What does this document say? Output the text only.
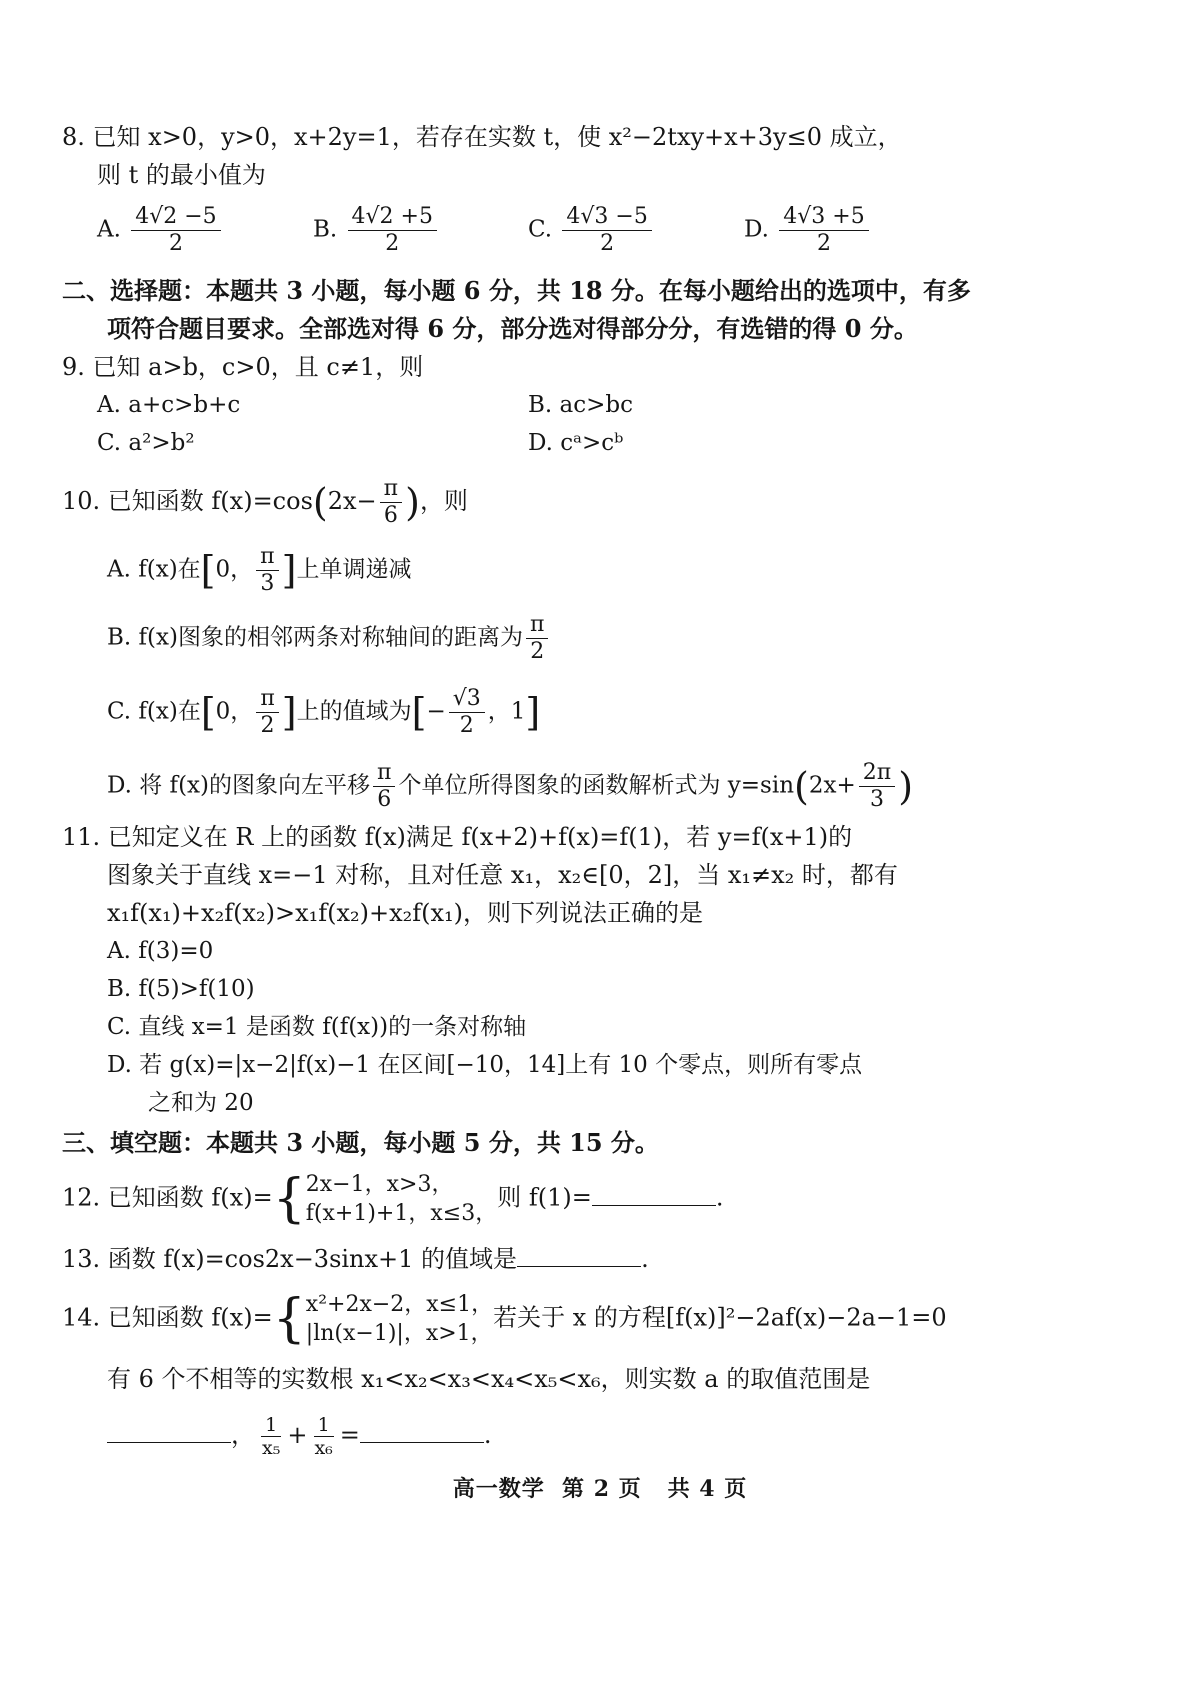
8. 已知 x>0，y>0，x+2y=1，若存在实数 t，使 x²−2txy+x+3y≤0 成立，
则 t 的最小值为
A. $\frac{4√2 -5}{2}$	B. $\frac{4√2 +5}{2}$	C. $\frac{4√3 -5}{2}$	D. $\frac{4√3 +5}{2}$
二、选择题：本题共 3 小题，每小题 6 分，共 18 分。在每小题给出的选项中，有多
项符合题目要求。全部选对得 6 分，部分选对得部分分，有选错的得 0 分。
9. 已知 a>b，c>0，且 c≠1，则
A. a+c>b+c	B. ac>bc
C. a²>b²	D. cᵃ>cᵇ
10. 已知函数 $f(x)=\cos(2x- \frac{\pi}{6}$ )，则
A. f(x)在[0， $\frac{\pi}{3}$ ]上单调递减
B. f(x)图象的相邻两条对称轴间的距离为 $\frac{\pi}{2}$
C. f(x)在[0， $\frac{\pi}{2}$ ]上的值域为[− $\frac{√3}{2}$ ，1]
D. 将 f(x)的图象向左平移 $\frac{\pi}{6}$ 个单位所得图象的函数解析式为 $y=\sin(2x+ \frac{2\pi}{3}$ )
11. 已知定义在 R 上的函数 f(x)满足 f(x+2)+f(x)=f(1)，若 y=f(x+1)的
图象关于直线 x=−1 对称，且对任意 x₁，x₂∈[0，2]，当 x₁≠x₂ 时，都有
x₁f(x₁)+x₂f(x₂)>x₁f(x₂)+x₂f(x₁)，则下列说法正确的是
A. f(3)=0
B. f(5)>f(10)
C. 直线 x=1 是函数 f(f(x))的一条对称轴
D. 若 g(x)=|x−2|f(x)−1 在区间[−10，14]上有 10 个零点，则所有零点
之和为 20
三、填空题：本题共 3 小题，每小题 5 分，共 15 分。
12. 已知函数 f(x)={ 2x−1，x>3，
f(x+1)+1，x≤3，
则 f(1)=	.
13. 函数 f(x)=cos2x−3sinx+1 的值域是	.
14. 已知函数 f(x)={ x²+2x−2，x≤1，
|ln(x−1)|，x>1，
若关于 x 的方程[f(x)]²−2af(x)−2a−1=0
有 6 个不相等的实数根 x₁<x₂<x₃<x₄<x₅<x₆，则实数 a 的取值范围是
， $\frac{1}{\text{x₅}} + \frac{1}{\text{x₆}}$ =	.
高一数学  第 2 页   共 4 页
